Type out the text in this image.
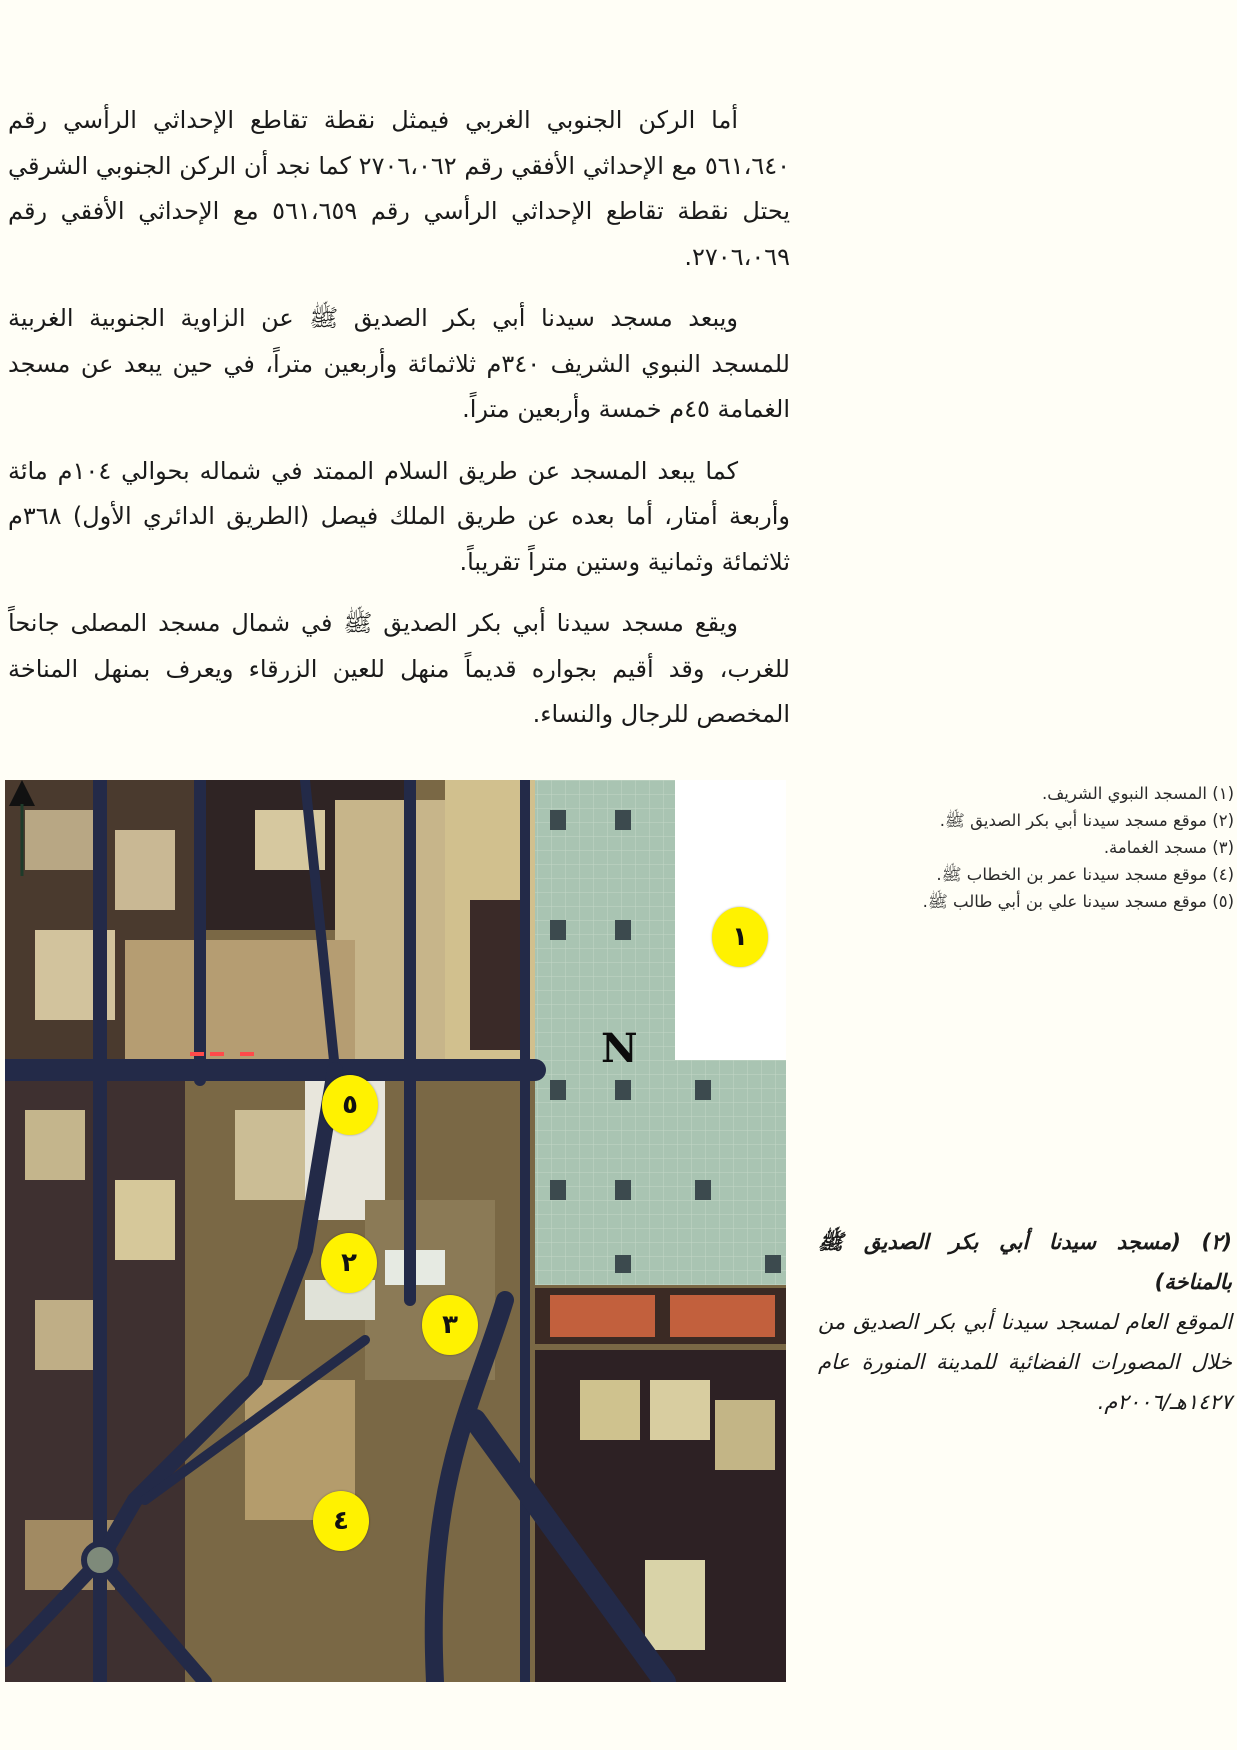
أما الركن الجنوبي الغربي فيمثل نقطة تقاطع الإحداثي الرأسي رقم ٥٦١،٦٤٠ مع الإحداثي الأفقي رقم ٢٧٠٦،٠٦٢ كما نجد أن الركن الجنوبي الشرقي يحتل نقطة تقاطع الإحداثي الرأسي رقم ٥٦١،٦٥٩ مع الإحداثي الأفقي رقم ٢٧٠٦،٠٦٩.

ويبعد مسجد سيدنا أبي بكر الصديق ﷺ عن الزاوية الجنوبية الغربية للمسجد النبوي الشريف ٣٤٠م ثلاثمائة وأربعين متراً، في حين يبعد عن مسجد الغمامة ٤٥م خمسة وأربعين متراً.

كما يبعد المسجد عن طريق السلام الممتد في شماله بحوالي ١٠٤م مائة وأربعة أمتار، أما بعده عن طريق الملك فيصل (الطريق الدائري الأول) ٣٦٨م ثلاثمائة وثمانية وستين متراً تقريباً.

ويقع مسجد سيدنا أبي بكر الصديق ﷺ في شمال مسجد المصلى جانحاً للغرب، وقد أقيم بجواره قديماً منهل للعين الزرقاء ويعرف بمنهل المناخة المخصص للرجال والنساء.

N
١
٢
٣
٤
٥
(١) المسجد النبوي الشريف.
(٢) موقع مسجد سيدنا أبي بكر الصديق ﷺ.
(٣) مسجد الغمامة.
(٤) موقع مسجد سيدنا عمر بن الخطاب ﷺ.
(٥) موقع مسجد سيدنا علي بن أبي طالب ﷺ.
(٢) (مسجد سيدنا أبي بكر الصديق ﷺ بالمناخة)
الموقع العام لمسجد سيدنا أبي بكر الصديق من خلال المصورات الفضائية للمدينة المنورة عام ١٤٢٧هـ/٢٠٠٦م.
